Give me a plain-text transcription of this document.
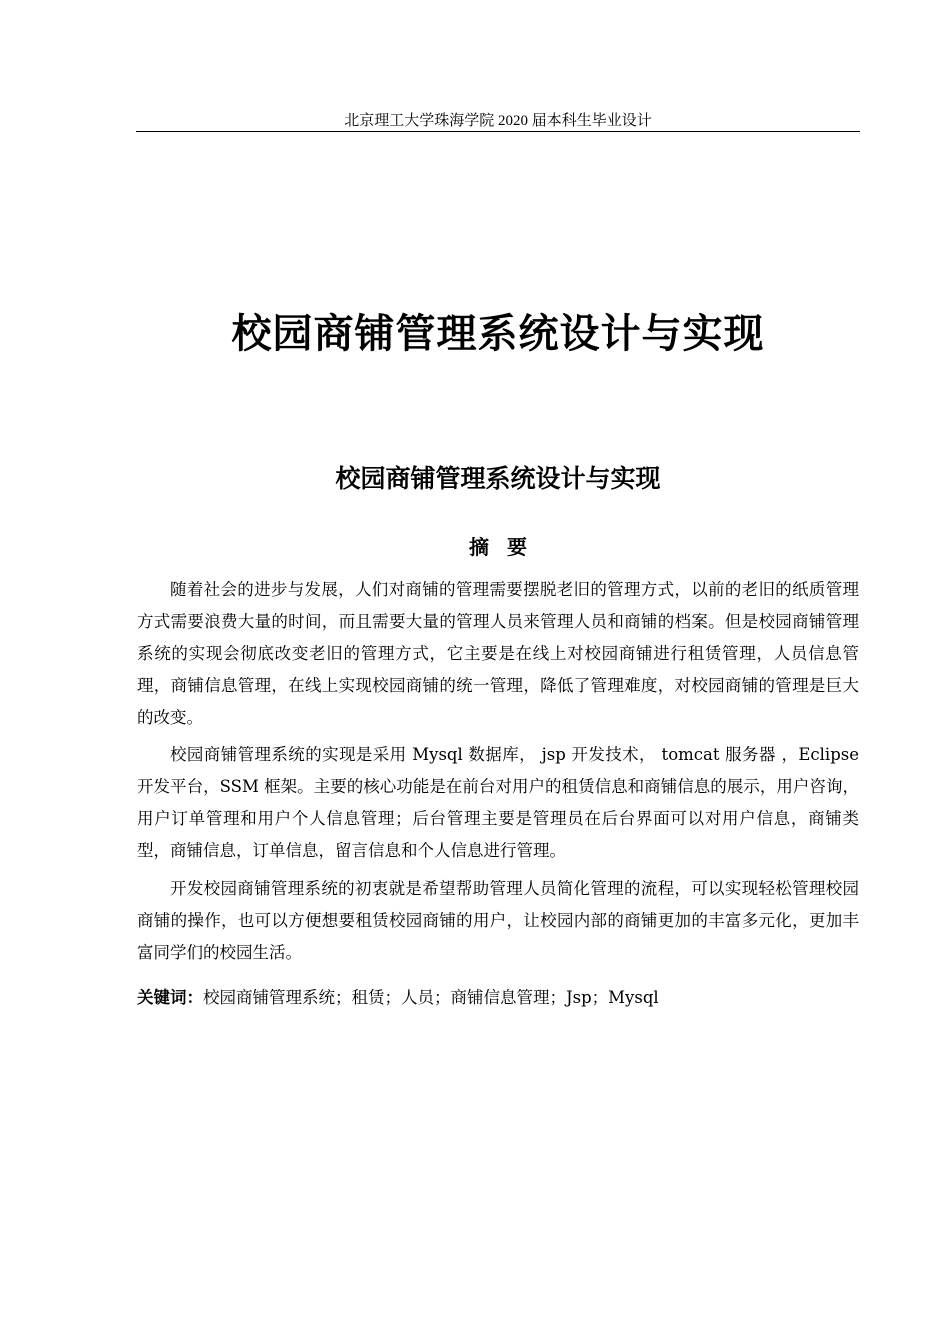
北京理工大学珠海学院 2020 届本科生毕业设计
校园商铺管理系统设计与实现
校园商铺管理系统设计与实现
摘要

随着社会的进步与发展，人们对商铺的管理需要摆脱老旧的管理方式，以前的老旧的纸质管理方式需要浪费大量的时间，而且需要大量的管理人员来管理人员和商铺的档案。但是校园商铺管理系统的实现会彻底改变老旧的管理方式，它主要是在线上对校园商铺进行租赁管理，人员信息管理，商铺信息管理，在线上实现校园商铺的统一管理，降低了管理难度，对校园商铺的管理是巨大的改变。

校园商铺管理系统的实现是采用 Mysql 数据库， jsp 开发技术， tomcat 服务器 ，Eclipse 开发平台，SSM 框架。主要的核心功能是在前台对用户的租赁信息和商铺信息的展示，用户咨询，用户订单管理和用户个人信息管理；后台管理主要是管理员在后台界面可以对用户信息，商铺类型，商铺信息，订单信息，留言信息和个人信息进行管理。

开发校园商铺管理系统的初衷就是希望帮助管理人员简化管理的流程，可以实现轻松管理校园商铺的操作，也可以方便想要租赁校园商铺的用户，让校园内部的商铺更加的丰富多元化，更加丰富同学们的校园生活。

关键词：校园商铺管理系统；租赁；人员；商铺信息管理；Jsp；Mysql
